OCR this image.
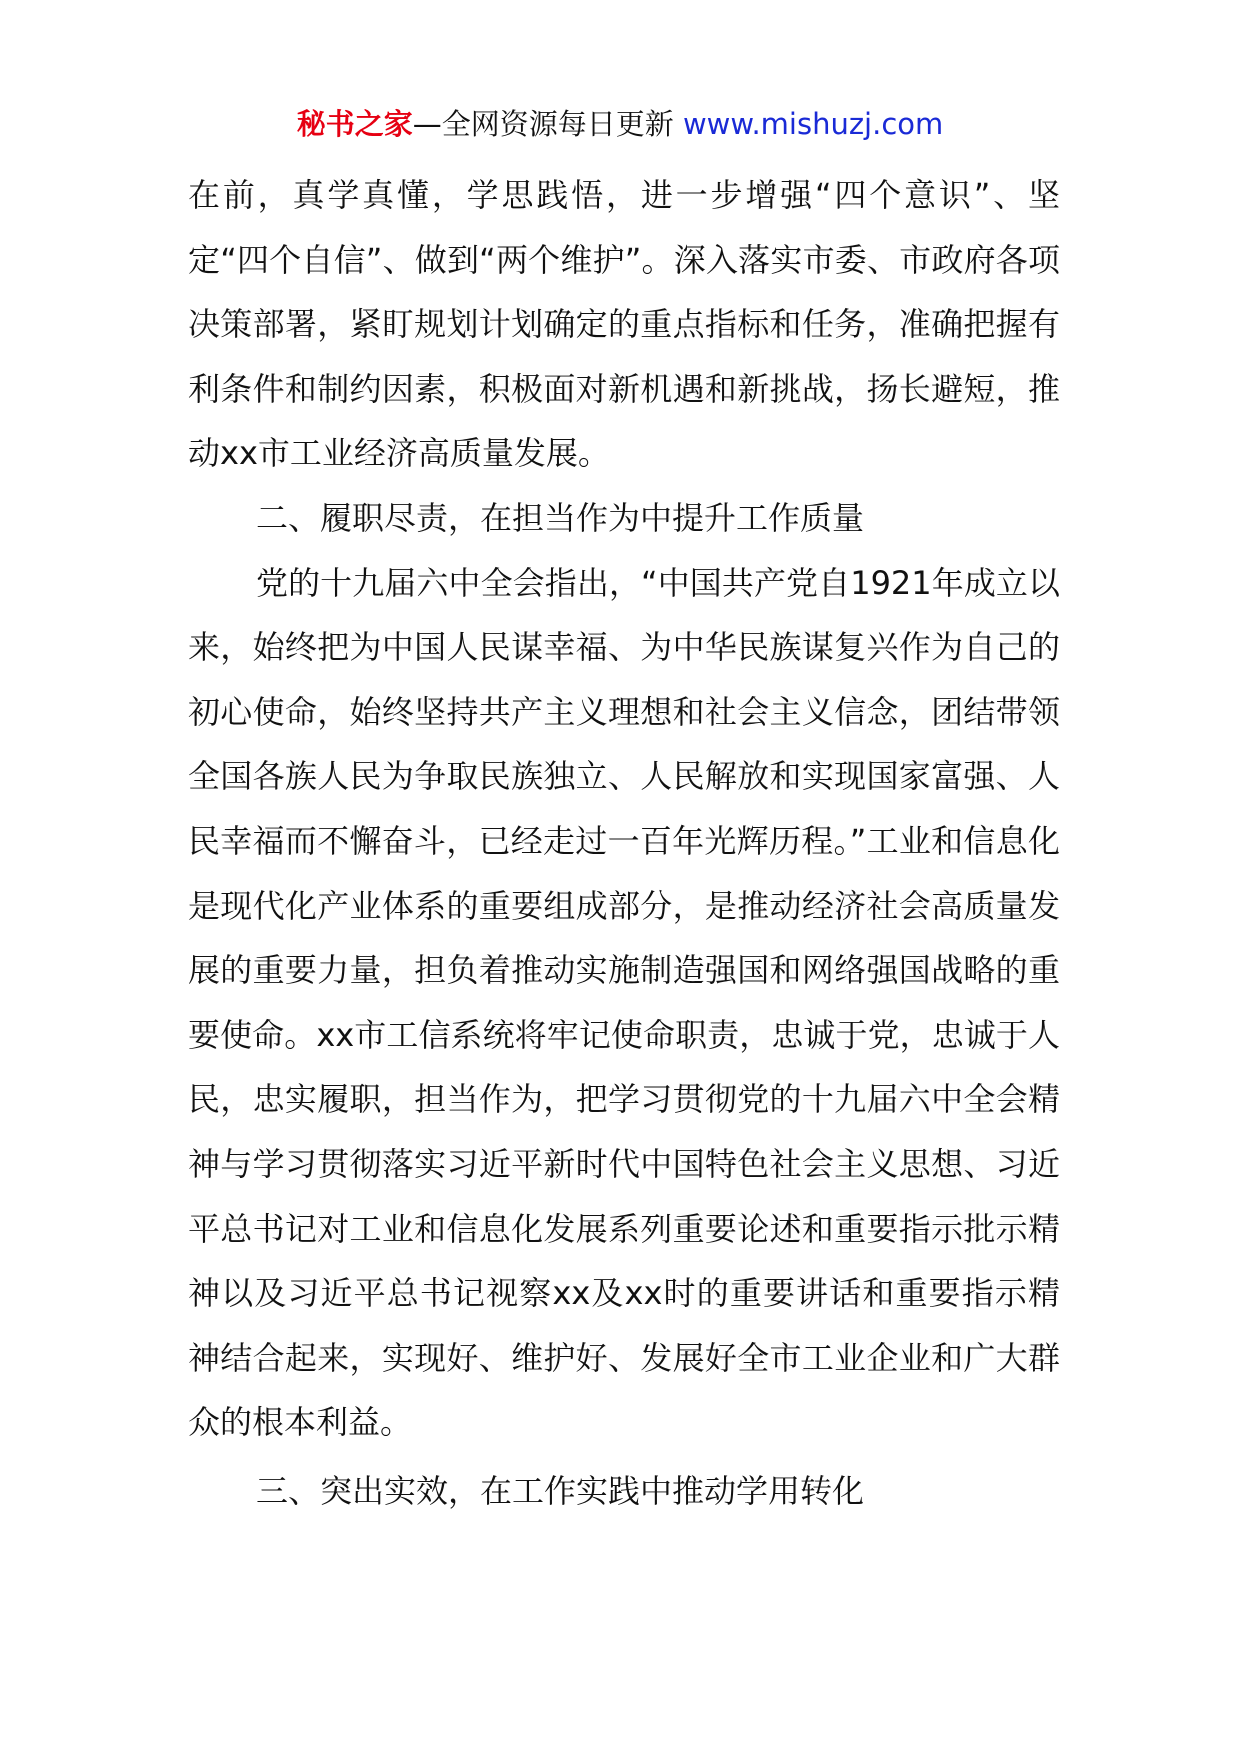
秘书之家—全网资源每日更新 www.mishuzj.com

在前，真学真懂，学思践悟，进一步增强“四个意识”、坚定“四个自信”、做到“两个维护”。深入落实市委、市政府各项决策部署，紧盯规划计划确定的重点指标和任务，准确把握有利条件和制约因素，积极面对新机遇和新挑战，扬长避短，推动xx市工业经济高质量发展。

二、履职尽责，在担当作为中提升工作质量

党的十九届六中全会指出，“中国共产党自1921年成立以来，始终把为中国人民谋幸福、为中华民族谋复兴作为自己的初心使命，始终坚持共产主义理想和社会主义信念，团结带领全国各族人民为争取民族独立、人民解放和实现国家富强、人民幸福而不懈奋斗，已经走过一百年光辉历程。”工业和信息化是现代化产业体系的重要组成部分，是推动经济社会高质量发展的重要力量，担负着推动实施制造强国和网络强国战略的重要使命。xx市工信系统将牢记使命职责，忠诚于党，忠诚于人民，忠实履职，担当作为，把学习贯彻党的十九届六中全会精神与学习贯彻落实习近平新时代中国特色社会主义思想、习近平总书记对工业和信息化发展系列重要论述和重要指示批示精神以及习近平总书记视察xx及xx时的重要讲话和重要指示精神结合起来，实现好、维护好、发展好全市工业企业和广大群众的根本利益。

三、突出实效，在工作实践中推动学用转化
